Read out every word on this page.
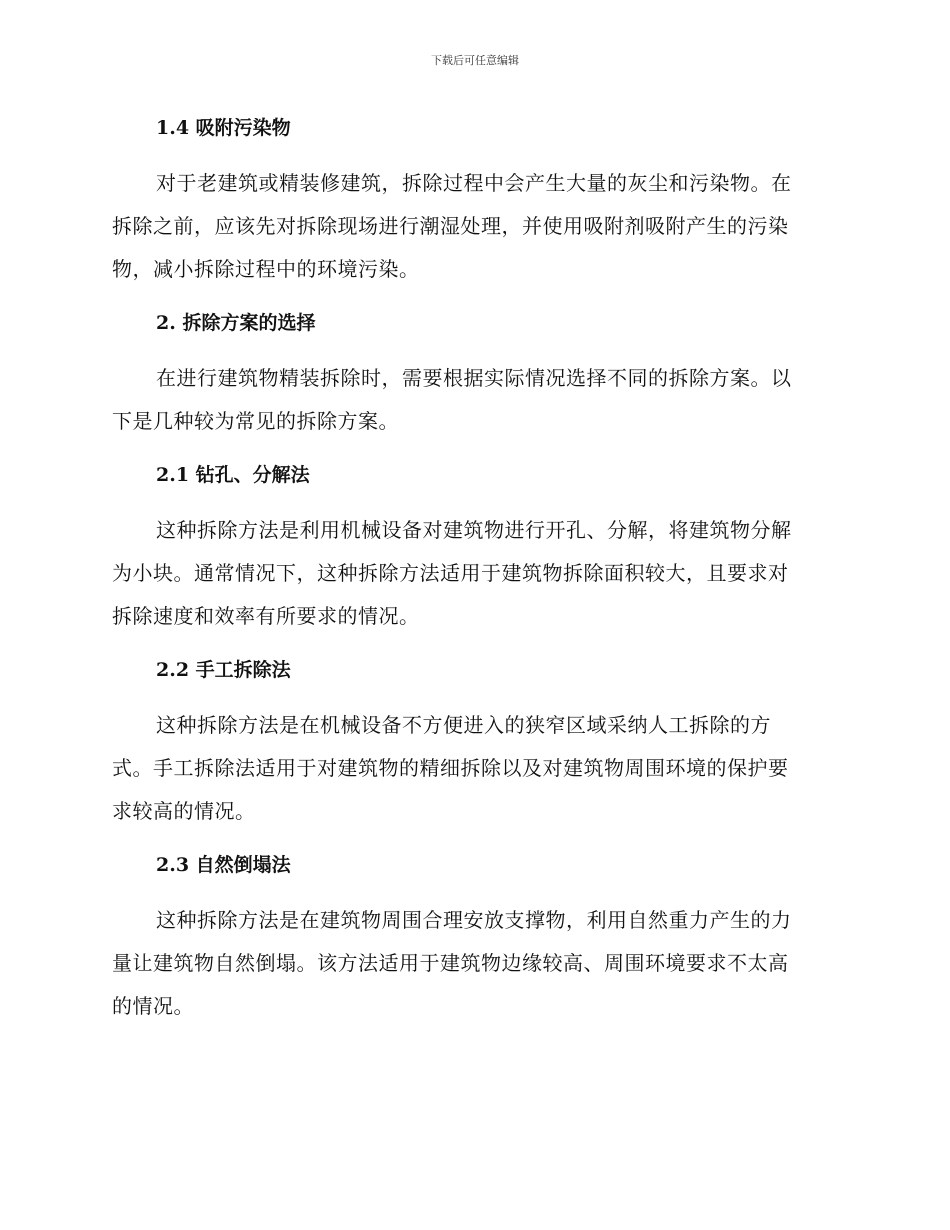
下载后可任意编辑
1.4 吸附污染物
对于老建筑或精装修建筑，拆除过程中会产生大量的灰尘和污染物。在
拆除之前，应该先对拆除现场进行潮湿处理，并使用吸附剂吸附产生的污染
物，减小拆除过程中的环境污染。
2. 拆除方案的选择
在进行建筑物精装拆除时，需要根据实际情况选择不同的拆除方案。以
下是几种较为常见的拆除方案。
2.1 钻孔、分解法
这种拆除方法是利用机械设备对建筑物进行开孔、分解，将建筑物分解
为小块。通常情况下，这种拆除方法适用于建筑物拆除面积较大，且要求对
拆除速度和效率有所要求的情况。
2.2 手工拆除法
这种拆除方法是在机械设备不方便进入的狭窄区域采纳人工拆除的方
式。手工拆除法适用于对建筑物的精细拆除以及对建筑物周围环境的保护要
求较高的情况。
2.3 自然倒塌法
这种拆除方法是在建筑物周围合理安放支撑物，利用自然重力产生的力
量让建筑物自然倒塌。该方法适用于建筑物边缘较高、周围环境要求不太高
的情况。
